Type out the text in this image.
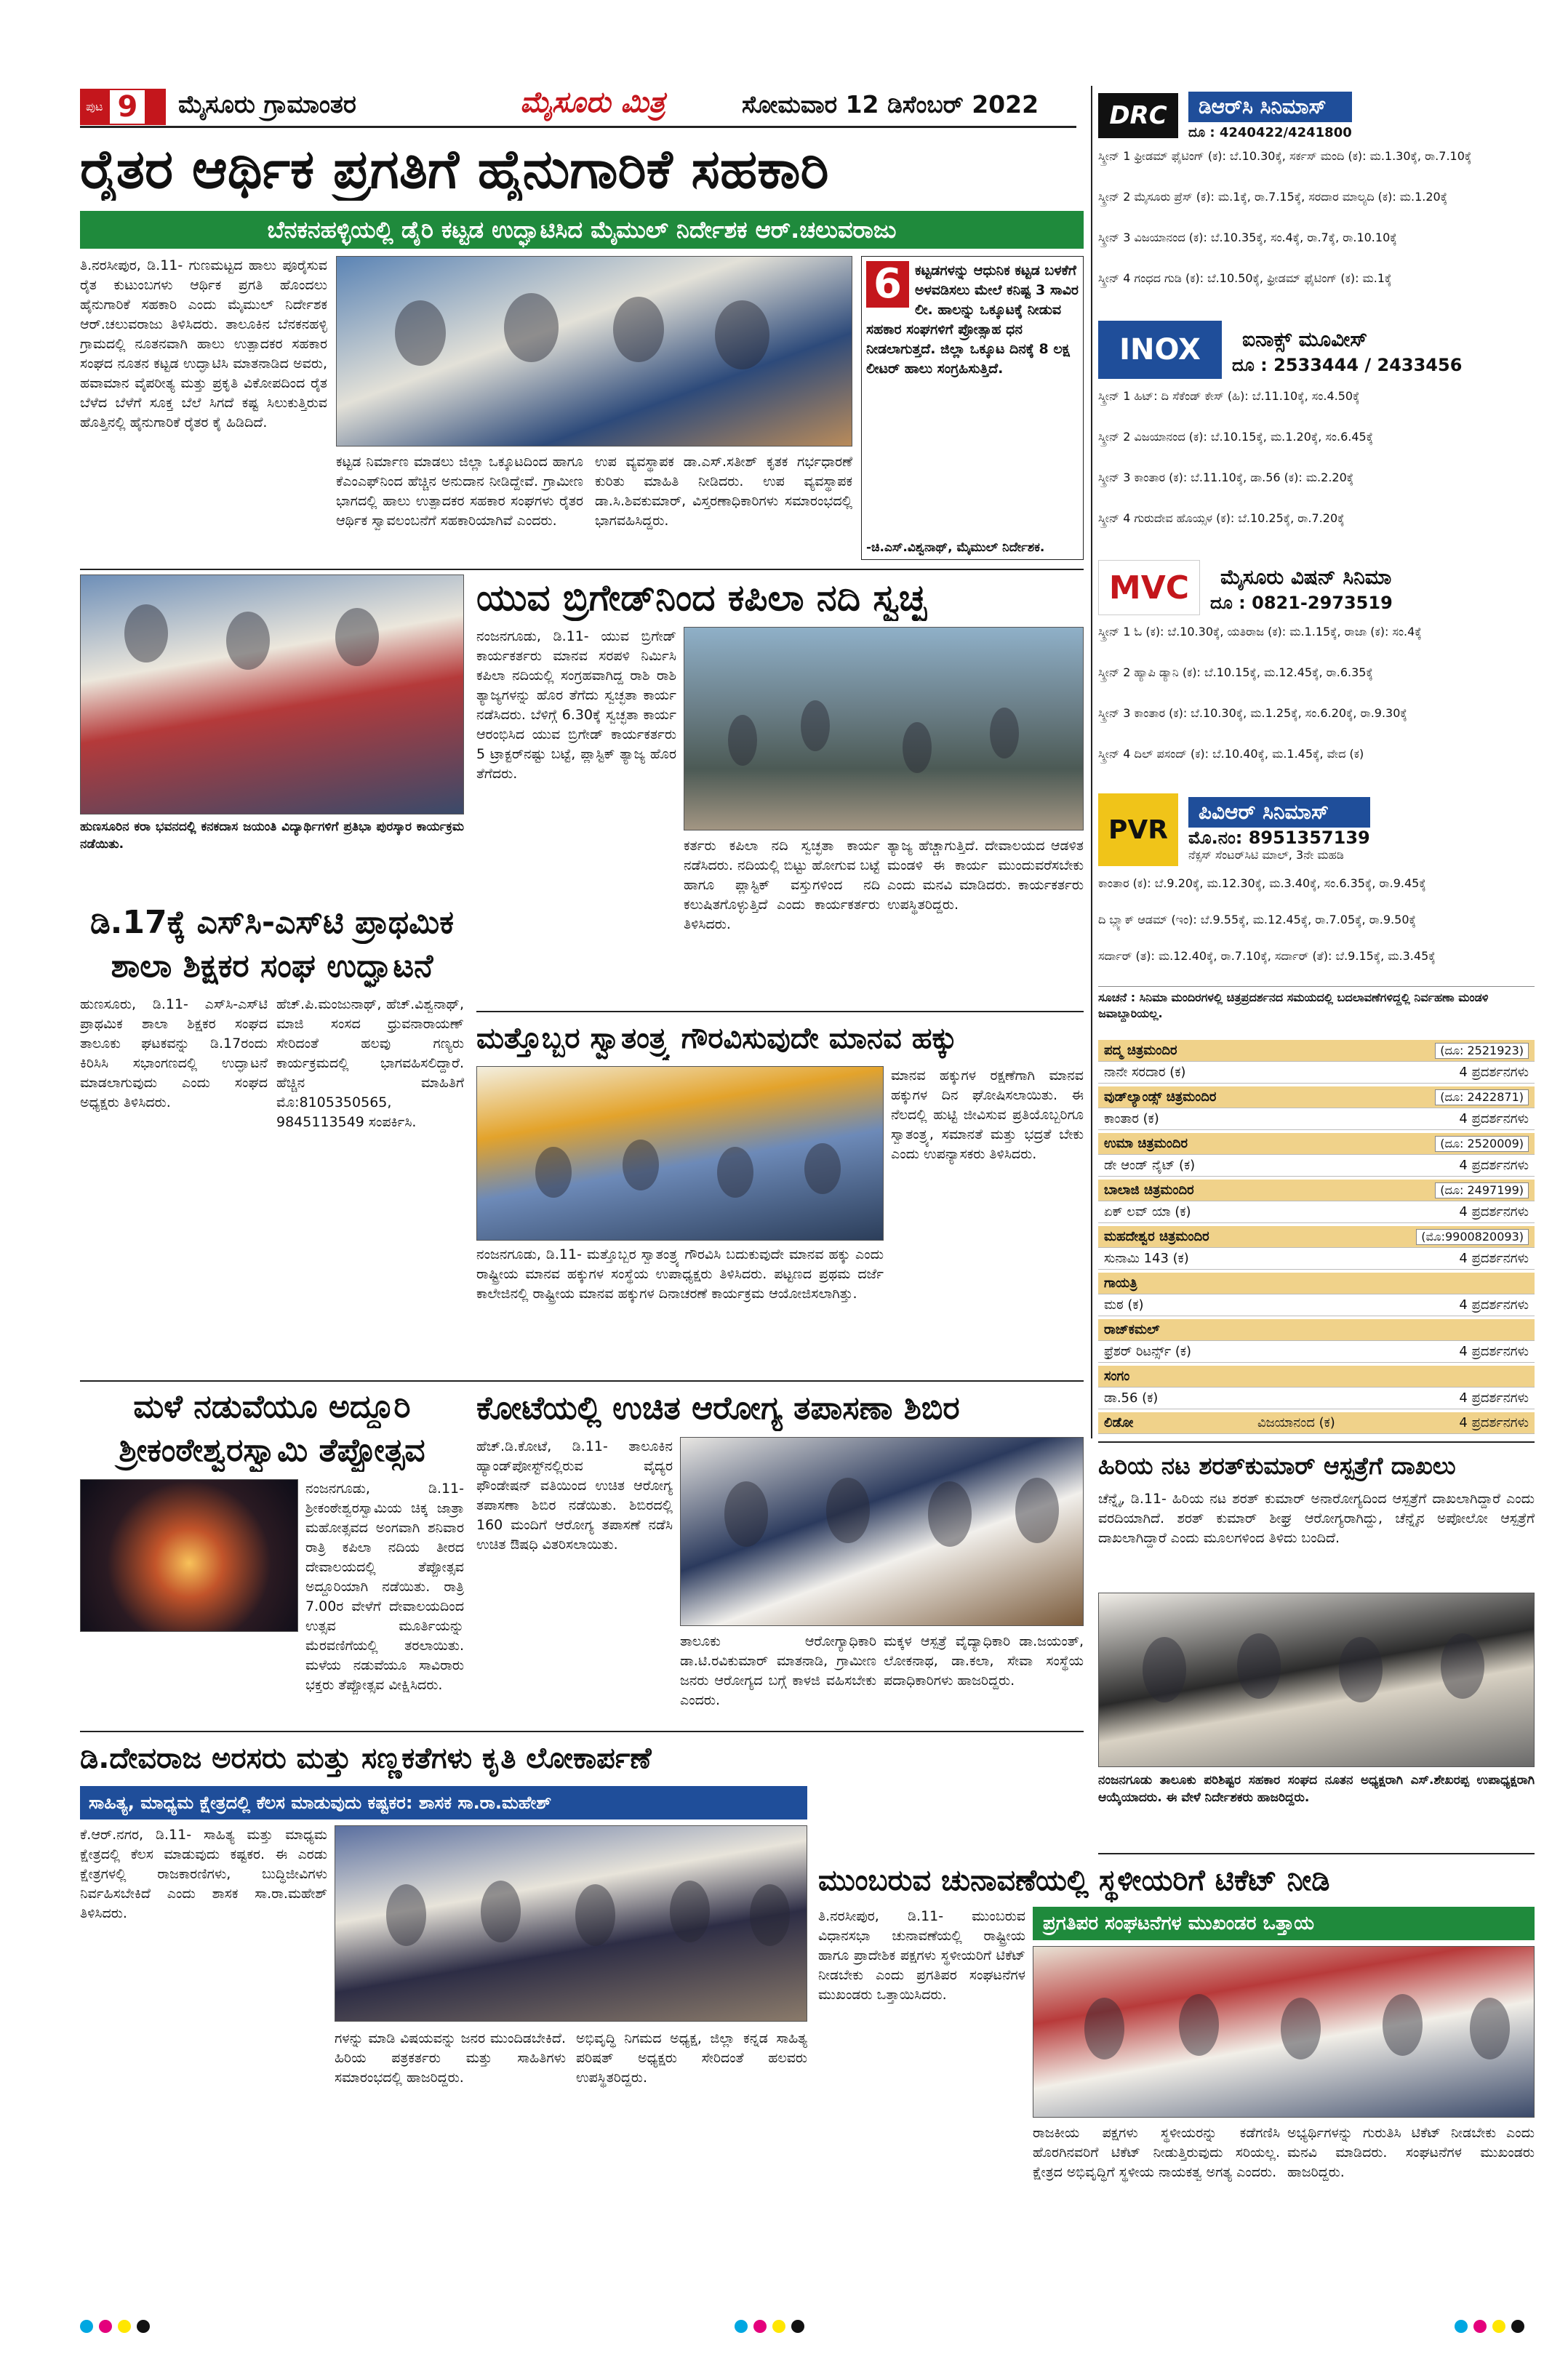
ಪುಟ 9 ಮೈಸೂರು ಗ್ರಾಮಾಂತರ	ಮೈಸೂರು ಮಿತ್ರ	ಸೋಮವಾರ 12 ಡಿಸೆಂಬರ್ 2022
ರೈತರ ಆರ್ಥಿಕ ಪ್ರಗತಿಗೆ ಹೈನುಗಾರಿಕೆ ಸಹಕಾರಿ
ಬೆನಕನಹಳ್ಳಿಯಲ್ಲಿ ಡೈರಿ ಕಟ್ಟಡ ಉದ್ಘಾಟಿಸಿದ ಮೈಮುಲ್ ನಿರ್ದೇಶಕ ಆರ್.ಚಲುವರಾಜು
ತಿ.ನರಸೀಪುರ, ಡಿ.11- ಗುಣಮಟ್ಟದ ಹಾಲು ಪೂರೈಸುವ ರೈತ ಕುಟುಂಬಗಳು ಆರ್ಥಿಕ ಪ್ರಗತಿ ಹೊಂದಲು ಹೈನುಗಾರಿಕೆ ಸಹಕಾರಿ ಎಂದು ಮೈಮುಲ್ ನಿರ್ದೇಶಕ ಆರ್.ಚಲುವರಾಜು ತಿಳಿಸಿದರು. ತಾಲೂಕಿನ ಬೆನಕನಹಳ್ಳಿ ಗ್ರಾಮದಲ್ಲಿ ನೂತನವಾಗಿ ಹಾಲು ಉತ್ಪಾದಕರ ಸಹಕಾರ ಸಂಘದ ನೂತನ ಕಟ್ಟಡ ಉದ್ಘಾಟಿಸಿ ಮಾತನಾಡಿದ ಅವರು, ಹವಾಮಾನ ವೈಪರೀತ್ಯ ಮತ್ತು ಪ್ರಕೃತಿ ವಿಕೋಪದಿಂದ ರೈತ ಬೆಳೆದ ಬೆಳೆಗೆ ಸೂಕ್ತ ಬೆಲೆ ಸಿಗದೆ ಕಷ್ಟ ಸಿಲುಕುತ್ತಿರುವ ಹೊತ್ತಿನಲ್ಲಿ ಹೈನುಗಾರಿಕೆ ರೈತರ ಕೈ ಹಿಡಿದಿದೆ.
ಕಟ್ಟಡ ನಿರ್ಮಾಣ ಮಾಡಲು ಜಿಲ್ಲಾ ಒಕ್ಕೂಟದಿಂದ ಹಾಗೂ ಕೆಎಂಎಫ್‌ನಿಂದ ಹೆಚ್ಚಿನ ಅನುದಾನ ನೀಡಿದ್ದೇವೆ. ಗ್ರಾಮೀಣ ಭಾಗದಲ್ಲಿ ಹಾಲು ಉತ್ಪಾದಕರ ಸಹಕಾರ ಸಂಘಗಳು ರೈತರ ಆರ್ಥಿಕ ಸ್ವಾವಲಂಬನೆಗೆ ಸಹಕಾರಿಯಾಗಿವೆ ಎಂದರು.
ಉಪ ವ್ಯವಸ್ಥಾಪಕ ಡಾ.ಎಸ್.ಸತೀಶ್ ಕೃತಕ ಗರ್ಭಧಾರಣೆ ಕುರಿತು ಮಾಹಿತಿ ನೀಡಿದರು. ಉಪ ವ್ಯವಸ್ಥಾಪಕ ಡಾ.ಸಿ.ಶಿವಕುಮಾರ್, ವಿಸ್ತರಣಾಧಿಕಾರಿಗಳು ಸಮಾರಂಭದಲ್ಲಿ ಭಾಗವಹಿಸಿದ್ದರು.
6 ಕಟ್ಟಡಗಳನ್ನು ಆಧುನಿಕ ಕಟ್ಟಡ ಬಳಕೆಗೆ ಅಳವಡಿಸಲು ಮೇಲೆ ಕನಿಷ್ಟ 3 ಸಾವಿರ ಲೀ. ಹಾಲನ್ನು ಒಕ್ಕೂಟಕ್ಕೆ ನೀಡುವ ಸಹಕಾರ ಸಂಘಗಳಿಗೆ ಪ್ರೋತ್ಸಾಹ ಧನ ನೀಡಲಾಗುತ್ತದೆ. ಜಿಲ್ಲಾ ಒಕ್ಕೂಟ ದಿನಕ್ಕೆ 8 ಲಕ್ಷ ಲೀಟರ್ ಹಾಲು ಸಂಗ್ರಹಿಸುತ್ತಿದೆ.
-ಚಿ.ಎಸ್.ವಿಶ್ವನಾಥ್, ಮೈಮುಲ್ ನಿರ್ದೇಶಕ.
ಹುಣಸೂರಿನ ಕರಾ ಭವನದಲ್ಲಿ ಕನಕದಾಸ ಜಯಂತಿ ವಿದ್ಯಾರ್ಥಿಗಳಿಗೆ ಪ್ರತಿಭಾ ಪುರಸ್ಕಾರ ಕಾರ್ಯಕ್ರಮ ನಡೆಯಿತು.
ಯುವ ಬ್ರಿಗೇಡ್‌ನಿಂದ ಕಪಿಲಾ ನದಿ ಸ್ವಚ್ಛ
ನಂಜನಗೂಡು, ಡಿ.11- ಯುವ ಬ್ರಿಗೇಡ್ ಕಾರ್ಯಕರ್ತರು ಮಾನವ ಸರಪಳಿ ನಿರ್ಮಿಸಿ ಕಪಿಲಾ ನದಿಯಲ್ಲಿ ಸಂಗ್ರಹವಾಗಿದ್ದ ರಾಶಿ ರಾಶಿ ತ್ಯಾಜ್ಯಗಳನ್ನು ಹೊರ ತೆಗೆದು ಸ್ವಚ್ಛತಾ ಕಾರ್ಯ ನಡೆಸಿದರು. ಬೆಳಿಗ್ಗೆ 6.30ಕ್ಕೆ ಸ್ವಚ್ಛತಾ ಕಾರ್ಯ ಆರಂಭಿಸಿದ ಯುವ ಬ್ರಿಗೇಡ್ ಕಾರ್ಯಕರ್ತರು 5 ಟ್ರಾಕ್ಟರ್‌ನಷ್ಟು ಬಟ್ಟೆ, ಪ್ಲಾಸ್ಟಿಕ್ ತ್ಯಾಜ್ಯ ಹೊರ ತೆಗೆದರು.
ಕರ್ತರು ಕಪಿಲಾ ನದಿ ಸ್ವಚ್ಛತಾ ಕಾರ್ಯ ನಡೆಸಿದರು. ನದಿಯಲ್ಲಿ ಬಿಟ್ಟು ಹೋಗುವ ಬಟ್ಟೆ ಹಾಗೂ ಪ್ಲಾಸ್ಟಿಕ್ ವಸ್ತುಗಳಿಂದ ನದಿ ಕಲುಷಿತಗೊಳ್ಳುತ್ತಿದೆ ಎಂದು ಕಾರ್ಯಕರ್ತರು ತಿಳಿಸಿದರು.
ತ್ಯಾಜ್ಯ ಹೆಚ್ಚಾಗುತ್ತಿದೆ. ದೇವಾಲಯದ ಆಡಳಿತ ಮಂಡಳಿ ಈ ಕಾರ್ಯ ಮುಂದುವರೆಸಬೇಕು ಎಂದು ಮನವಿ ಮಾಡಿದರು. ಕಾರ್ಯಕರ್ತರು ಉಪಸ್ಥಿತರಿದ್ದರು.
ಡಿ.17ಕ್ಕೆ ಎಸ್‌ಸಿ-ಎಸ್‌ಟಿ ಪ್ರಾಥಮಿಕ
ಶಾಲಾ ಶಿಕ್ಷಕರ ಸಂಘ ಉದ್ಘಾಟನೆ
ಹುಣಸೂರು, ಡಿ.11- ಎಸ್‌ಸಿ-ಎಸ್‌ಟಿ ಪ್ರಾಥಮಿಕ ಶಾಲಾ ಶಿಕ್ಷಕರ ಸಂಘದ ತಾಲೂಕು ಘಟಕವನ್ನು ಡಿ.17ರಂದು ಕಿರಿಸಿಸಿ ಸಭಾಂಗಣದಲ್ಲಿ ಉದ್ಘಾಟನೆ ಮಾಡಲಾಗುವುದು ಎಂದು ಸಂಘದ ಅಧ್ಯಕ್ಷರು ತಿಳಿಸಿದರು.
ಹೆಚ್.ಪಿ.ಮಂಜುನಾಥ್, ಹೆಚ್.ವಿಶ್ವನಾಥ್, ಮಾಜಿ ಸಂಸದ ಧ್ರುವನಾರಾಯಣ್ ಸೇರಿದಂತೆ ಹಲವು ಗಣ್ಯರು ಕಾರ್ಯಕ್ರಮದಲ್ಲಿ ಭಾಗವಹಿಸಲಿದ್ದಾರೆ. ಹೆಚ್ಚಿನ ಮಾಹಿತಿಗೆ ಮೊ:8105350565, 9845113549 ಸಂಪರ್ಕಿಸಿ.
ಮತ್ತೊಬ್ಬರ ಸ್ವಾತಂತ್ರ್ಯ ಗೌರವಿಸುವುದೇ ಮಾನವ ಹಕ್ಕು
ಮಾನವ ಹಕ್ಕುಗಳ ರಕ್ಷಣೆಗಾಗಿ ಮಾನವ ಹಕ್ಕುಗಳ ದಿನ ಘೋಷಿಸಲಾಯಿತು. ಈ ನೆಲದಲ್ಲಿ ಹುಟ್ಟಿ ಜೀವಿಸುವ ಪ್ರತಿಯೊಬ್ಬರಿಗೂ ಸ್ವಾತಂತ್ರ್ಯ, ಸಮಾನತೆ ಮತ್ತು ಭದ್ರತೆ ಬೇಕು ಎಂದು ಉಪನ್ಯಾಸಕರು ತಿಳಿಸಿದರು.
ನಂಜನಗೂಡು, ಡಿ.11- ಮತ್ತೊಬ್ಬರ ಸ್ವಾತಂತ್ರ್ಯ ಗೌರವಿಸಿ ಬದುಕುವುದೇ ಮಾನವ ಹಕ್ಕು ಎಂದು ರಾಷ್ಟ್ರೀಯ ಮಾನವ ಹಕ್ಕುಗಳ ಸಂಸ್ಥೆಯ ಉಪಾಧ್ಯಕ್ಷರು ತಿಳಿಸಿದರು. ಪಟ್ಟಣದ ಪ್ರಥಮ ದರ್ಜೆ ಕಾಲೇಜಿನಲ್ಲಿ ರಾಷ್ಟ್ರೀಯ ಮಾನವ ಹಕ್ಕುಗಳ ದಿನಾಚರಣೆ ಕಾರ್ಯಕ್ರಮ ಆಯೋಜಿಸಲಾಗಿತ್ತು.
ಮಳೆ ನಡುವೆಯೂ ಅದ್ದೂರಿ
ಶ್ರೀಕಂಠೇಶ್ವರಸ್ವಾಮಿ ತೆಪ್ಪೋತ್ಸವ
ನಂಜನಗೂಡು, ಡಿ.11- ಶ್ರೀಕಂಠೇಶ್ವರಸ್ವಾಮಿಯ ಚಿಕ್ಕ ಜಾತ್ರಾ ಮಹೋತ್ಸವದ ಅಂಗವಾಗಿ ಶನಿವಾರ ರಾತ್ರಿ ಕಪಿಲಾ ನದಿಯ ತೀರದ ದೇವಾಲಯದಲ್ಲಿ ತೆಪ್ಪೋತ್ಸವ ಅದ್ದೂರಿಯಾಗಿ ನಡೆಯಿತು. ರಾತ್ರಿ 7.00ರ ವೇಳೆಗೆ ದೇವಾಲಯದಿಂದ ಉತ್ಸವ ಮೂರ್ತಿಯನ್ನು ಮೆರವಣಿಗೆಯಲ್ಲಿ ತರಲಾಯಿತು. ಮಳೆಯ ನಡುವೆಯೂ ಸಾವಿರಾರು ಭಕ್ತರು ತೆಪ್ಪೋತ್ಸವ ವೀಕ್ಷಿಸಿದರು.
ಕೋಟೆಯಲ್ಲಿ ಉಚಿತ ಆರೋಗ್ಯ ತಪಾಸಣಾ ಶಿಬಿರ
ಹೆಚ್.ಡಿ.ಕೋಟೆ, ಡಿ.11- ತಾಲೂಕಿನ ಹ್ಯಾಂಡ್‌ಪೋಸ್ಟ್‌ನಲ್ಲಿರುವ ವೈದ್ಯರ ಫೌಂಡೇಷನ್ ವತಿಯಿಂದ ಉಚಿತ ಆರೋಗ್ಯ ತಪಾಸಣಾ ಶಿಬಿರ ನಡೆಯಿತು. ಶಿಬಿರದಲ್ಲಿ 160 ಮಂದಿಗೆ ಆರೋಗ್ಯ ತಪಾಸಣೆ ನಡೆಸಿ ಉಚಿತ ಔಷಧಿ ವಿತರಿಸಲಾಯಿತು.
ತಾಲೂಕು ಆರೋಗ್ಯಾಧಿಕಾರಿ ಡಾ.ಟಿ.ರವಿಕುಮಾರ್ ಮಾತನಾಡಿ, ಗ್ರಾಮೀಣ ಜನರು ಆರೋಗ್ಯದ ಬಗ್ಗೆ ಕಾಳಜಿ ವಹಿಸಬೇಕು ಎಂದರು.
ಮಕ್ಕಳ ಆಸ್ಪತ್ರೆ ವೈದ್ಯಾಧಿಕಾರಿ ಡಾ.ಜಯಂತ್, ಲೋಕನಾಥ, ಡಾ.ಕಲಾ, ಸೇವಾ ಸಂಸ್ಥೆಯ ಪದಾಧಿಕಾರಿಗಳು ಹಾಜರಿದ್ದರು.
ಹಿರಿಯ ನಟ ಶರತ್‌ಕುಮಾರ್ ಆಸ್ಪತ್ರೆಗೆ ದಾಖಲು
ಚೆನ್ನೈ, ಡಿ.11- ಹಿರಿಯ ನಟ ಶರತ್ ಕುಮಾರ್ ಅನಾರೋಗ್ಯದಿಂದ ಆಸ್ಪತ್ರೆಗೆ ದಾಖಲಾಗಿದ್ದಾರೆ ಎಂದು ವರದಿಯಾಗಿದೆ. ಶರತ್ ಕುಮಾರ್ ಶೀಘ್ರ ಆರೋಗ್ಯರಾಗಿದ್ದು, ಚೆನ್ನೈನ ಅಪೋಲೋ ಆಸ್ಪತ್ರೆಗೆ ದಾಖಲಾಗಿದ್ದಾರೆ ಎಂದು ಮೂಲಗಳಿಂದ ತಿಳಿದು ಬಂದಿದೆ.
ನಂಜನಗೂಡು ತಾಲೂಕು ಪರಿಶಿಷ್ಟರ ಸಹಕಾರ ಸಂಘದ ನೂತನ ಅಧ್ಯಕ್ಷರಾಗಿ ಎಸ್.ಶೇಖರಪ್ಪ ಉಪಾಧ್ಯಕ್ಷರಾಗಿ ಆಯ್ಕೆಯಾದರು. ಈ ವೇಳೆ ನಿರ್ದೇಶಕರು ಹಾಜರಿದ್ದರು.
ಡಿ.ದೇವರಾಜ ಅರಸರು ಮತ್ತು ಸಣ್ಣಕತೆಗಳು ಕೃತಿ ಲೋಕಾರ್ಪಣೆ
ಸಾಹಿತ್ಯ, ಮಾಧ್ಯಮ ಕ್ಷೇತ್ರದಲ್ಲಿ ಕೆಲಸ ಮಾಡುವುದು ಕಷ್ಟಕರ: ಶಾಸಕ ಸಾ.ರಾ.ಮಹೇಶ್
ಕೆ.ಆರ್.ನಗರ, ಡಿ.11- ಸಾಹಿತ್ಯ ಮತ್ತು ಮಾಧ್ಯಮ ಕ್ಷೇತ್ರದಲ್ಲಿ ಕೆಲಸ ಮಾಡುವುದು ಕಷ್ಟಕರ. ಈ ಎರಡು ಕ್ಷೇತ್ರಗಳಲ್ಲಿ ರಾಜಕಾರಣಿಗಳು, ಬುದ್ಧಿಜೀವಿಗಳು ನಿರ್ವಹಿಸಬೇಕಿದೆ ಎಂದು ಶಾಸಕ ಸಾ.ರಾ.ಮಹೇಶ್ ತಿಳಿಸಿದರು.
ಗಳನ್ನು ಮಾಡಿ ವಿಷಯವನ್ನು ಜನರ ಮುಂದಿಡಬೇಕಿದೆ. ಹಿರಿಯ ಪತ್ರಕರ್ತರು ಮತ್ತು ಸಾಹಿತಿಗಳು ಸಮಾರಂಭದಲ್ಲಿ ಹಾಜರಿದ್ದರು.
ಅಭಿವೃದ್ಧಿ ನಿಗಮದ ಅಧ್ಯಕ್ಷ, ಜಿಲ್ಲಾ ಕನ್ನಡ ಸಾಹಿತ್ಯ ಪರಿಷತ್ ಅಧ್ಯಕ್ಷರು ಸೇರಿದಂತೆ ಹಲವರು ಉಪಸ್ಥಿತರಿದ್ದರು.
ಮುಂಬರುವ ಚುನಾವಣೆಯಲ್ಲಿ ಸ್ಥಳೀಯರಿಗೆ ಟಿಕೆಟ್ ನೀಡಿ
ಪ್ರಗತಿಪರ ಸಂಘಟನೆಗಳ ಮುಖಂಡರ ಒತ್ತಾಯ
ತಿ.ನರಸೀಪುರ, ಡಿ.11- ಮುಂಬರುವ ವಿಧಾನಸಭಾ ಚುನಾವಣೆಯಲ್ಲಿ ರಾಷ್ಟ್ರೀಯ ಹಾಗೂ ಪ್ರಾದೇಶಿಕ ಪಕ್ಷಗಳು ಸ್ಥಳೀಯರಿಗೆ ಟಿಕೆಟ್ ನೀಡಬೇಕು ಎಂದು ಪ್ರಗತಿಪರ ಸಂಘಟನೆಗಳ ಮುಖಂಡರು ಒತ್ತಾಯಿಸಿದರು.
ರಾಜಕೀಯ ಪಕ್ಷಗಳು ಸ್ಥಳೀಯರನ್ನು ಕಡೆಗಣಿಸಿ ಹೊರಗಿನವರಿಗೆ ಟಿಕೆಟ್ ನೀಡುತ್ತಿರುವುದು ಸರಿಯಲ್ಲ. ಕ್ಷೇತ್ರದ ಅಭಿವೃದ್ಧಿಗೆ ಸ್ಥಳೀಯ ನಾಯಕತ್ವ ಅಗತ್ಯ ಎಂದರು.
ಅಭ್ಯರ್ಥಿಗಳನ್ನು ಗುರುತಿಸಿ ಟಿಕೆಟ್ ನೀಡಬೇಕು ಎಂದು ಮನವಿ ಮಾಡಿದರು. ಸಂಘಟನೆಗಳ ಮುಖಂಡರು ಹಾಜರಿದ್ದರು.
DRC	ಡಿಆರ್‌ಸಿ ಸಿನಿಮಾಸ್
ದೂ : 4240422/4241800
ಸ್ಕ್ರೀನ್ 1 ಫ್ರೀಡಮ್ ಫೈಟಿಂಗ್ (ಕ): ಬೆ.10.30ಕ್ಕೆ, ಸರ್ಕಸ್ ಮಂದಿ (ಕ): ಮ.1.30ಕ್ಕೆ, ರಾ.7.10ಕ್ಕೆ
ಸ್ಕ್ರೀನ್ 2 ಮೈಸೂರು ಪ್ರೆಸ್ (ಕ): ಮ.1ಕ್ಕೆ, ರಾ.7.15ಕ್ಕೆ, ಸರದಾರ ಮಾಲ್ಯದಿ (ಕ): ಮ.1.20ಕ್ಕೆ
ಸ್ಕ್ರೀನ್ 3 ವಿಜಯಾನಂದ (ಕ): ಬೆ.10.35ಕ್ಕೆ, ಸಂ.4ಕ್ಕೆ, ರಾ.7ಕ್ಕೆ, ರಾ.10.10ಕ್ಕೆ
ಸ್ಕ್ರೀನ್ 4 ಗಂಧದ ಗುಡಿ (ಕ): ಬೆ.10.50ಕ್ಕೆ, ಫ್ರೀಡಮ್ ಫೈಟಿಂಗ್ (ಕ): ಮ.1ಕ್ಕೆ
INOX	ಐನಾಕ್ಸ್ ಮೂವೀಸ್
ದೂ : 2533444 / 2433456
ಸ್ಕ್ರೀನ್ 1 ಹಿಟ್: ದಿ ಸೆಕೆಂಡ್ ಕೇಸ್ (ಹಿ): ಬೆ.11.10ಕ್ಕೆ, ಸಂ.4.50ಕ್ಕೆ
ಸ್ಕ್ರೀನ್ 2 ವಿಜಯಾನಂದ (ಕ): ಬೆ.10.15ಕ್ಕೆ, ಮ.1.20ಕ್ಕೆ, ಸಂ.6.45ಕ್ಕೆ
ಸ್ಕ್ರೀನ್ 3 ಕಾಂತಾರ (ಕ): ಬೆ.11.10ಕ್ಕೆ, ಡಾ.56 (ಕ): ಮ.2.20ಕ್ಕೆ
ಸ್ಕ್ರೀನ್ 4 ಗುರುದೇವ ಹೊಯ್ಸಳ (ಕ): ಬೆ.10.25ಕ್ಕೆ, ರಾ.7.20ಕ್ಕೆ
MVC	ಮೈಸೂರು ವಿಷನ್ ಸಿನಿಮಾ
ದೂ : 0821-2973519
ಸ್ಕ್ರೀನ್ 1 ಓ (ಕ): ಬೆ.10.30ಕ್ಕೆ, ಯತಿರಾಜ (ಕ): ಮ.1.15ಕ್ಕೆ, ರಾಜಾ (ಕ): ಸಂ.4ಕ್ಕೆ
ಸ್ಕ್ರೀನ್ 2 ಹ್ಯಾಪಿ ಡ್ಯಾನಿ (ಕ): ಬೆ.10.15ಕ್ಕೆ, ಮ.12.45ಕ್ಕೆ, ರಾ.6.35ಕ್ಕೆ
ಸ್ಕ್ರೀನ್ 3 ಕಾಂತಾರ (ಕ): ಬೆ.10.30ಕ್ಕೆ, ಮ.1.25ಕ್ಕೆ, ಸಂ.6.20ಕ್ಕೆ, ರಾ.9.30ಕ್ಕೆ
ಸ್ಕ್ರೀನ್ 4 ದಿಲ್ ಪಸಂದ್ (ಕ): ಬೆ.10.40ಕ್ಕೆ, ಮ.1.45ಕ್ಕೆ, ವೇದ (ಕ)
PVR
ಪಿವಿಆರ್ ಸಿನಿಮಾಸ್
ಮೊ.ನಂ: 8951357139
ನೆಕ್ಸಸ್ ಸೆಂಟರ್‌ಸಿಟಿ ಮಾಲ್, 3ನೇ ಮಹಡಿ
ಕಾಂತಾರ (ಕ): ಬೆ.9.20ಕ್ಕೆ, ಮ.12.30ಕ್ಕೆ, ಮ.3.40ಕ್ಕೆ, ಸಂ.6.35ಕ್ಕೆ, ರಾ.9.45ಕ್ಕೆ
ದಿ ಬ್ಲ್ಯಾಕ್ ಆಡಮ್ (ಇಂ): ಬೆ.9.55ಕ್ಕೆ, ಮ.12.45ಕ್ಕೆ, ರಾ.7.05ಕ್ಕೆ, ರಾ.9.50ಕ್ಕೆ
ಸರ್ದಾರ್ (ತ): ಮ.12.40ಕ್ಕೆ, ರಾ.7.10ಕ್ಕೆ, ಸರ್ದಾರ್ (ತೆ): ಬೆ.9.15ಕ್ಕೆ, ಮ.3.45ಕ್ಕೆ
ಸೂಚನೆ : ಸಿನಿಮಾ ಮಂದಿರಗಳಲ್ಲಿ ಚಿತ್ರಪ್ರದರ್ಶನದ ಸಮಯದಲ್ಲಿ ಬದಲಾವಣೆಗಳಿದ್ದಲ್ಲಿ ನಿರ್ವಹಣಾ ಮಂಡಳಿ ಜವಾಬ್ದಾರಿಯಲ್ಲ.
ಪದ್ಮ ಚಿತ್ರಮಂದಿರ	(ದೂ: 2521923)
ನಾನೇ ಸರದಾರ (ಕ)	4 ಪ್ರದರ್ಶನಗಳು
ವುಡ್‌ಲ್ಯಾಂಡ್ಸ್ ಚಿತ್ರಮಂದಿರ	(ದೂ: 2422871)
ಕಾಂತಾರ (ಕ)	4 ಪ್ರದರ್ಶನಗಳು
ಉಮಾ ಚಿತ್ರಮಂದಿರ	(ದೂ: 2520009)
ಡೇ ಆಂಡ್ ನೈಟ್ (ಕ)	4 ಪ್ರದರ್ಶನಗಳು
ಬಾಲಾಜಿ ಚಿತ್ರಮಂದಿರ	(ದೂ: 2497199)
ಏಕ್ ಲವ್ ಯಾ (ಕ)	4 ಪ್ರದರ್ಶನಗಳು
ಮಹದೇಶ್ವರ ಚಿತ್ರಮಂದಿರ	(ಮೊ:9900820093)
ಸುನಾಮಿ 143 (ಕ)	4 ಪ್ರದರ್ಶನಗಳು
ಗಾಯತ್ರಿ
ಮಠ (ಕ)	4 ಪ್ರದರ್ಶನಗಳು
ರಾಜ್‌ಕಮಲ್
ಫ್ರೆಶರ್ ರಿಟರ್ನ್ಸ್ (ಕ)	4 ಪ್ರದರ್ಶನಗಳು
ಸಂಗಂ
ಡಾ.56 (ಕ)	4 ಪ್ರದರ್ಶನಗಳು
ಲಿಡೋ	ವಿಜಯಾನಂದ (ಕ)	4 ಪ್ರದರ್ಶನಗಳು
